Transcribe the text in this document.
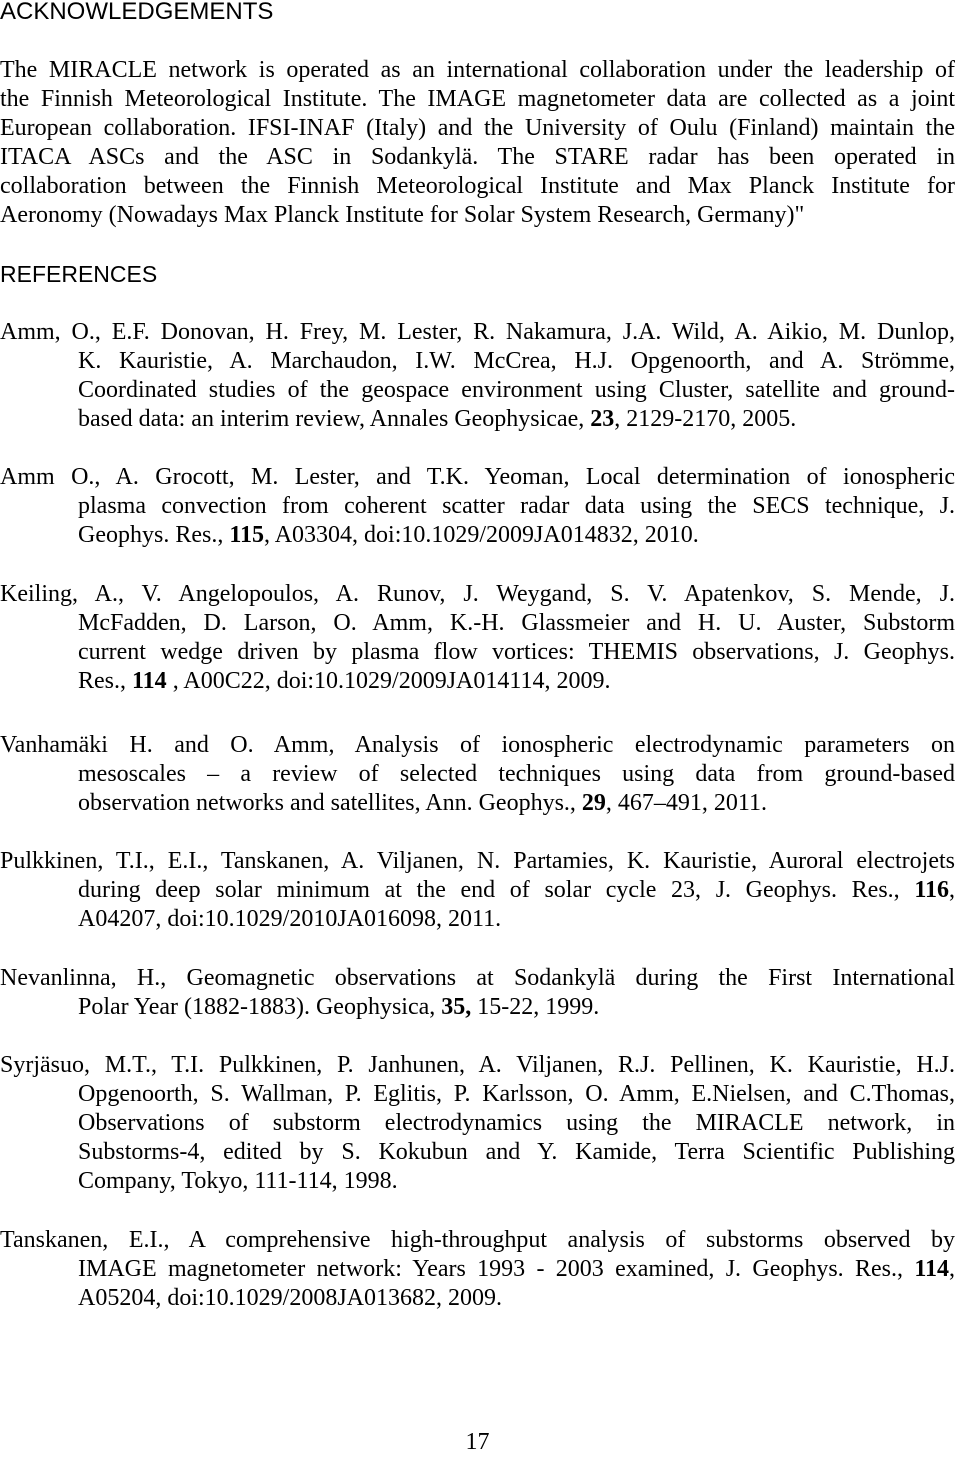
ACKNOWLEDGEMENTS
The MIRACLE network is operated as an international collaboration under the leadership of
the Finnish Meteorological Institute. The IMAGE magnetometer data are collected as a joint
European collaboration. IFSI-INAF (Italy) and the University of Oulu (Finland) maintain the
ITACA ASCs and the ASC in Sodankylä. The STARE radar has been operated in
collaboration between the Finnish Meteorological Institute and Max Planck Institute for
Aeronomy (Nowadays Max Planck Institute for Solar System Research, Germany)"
REFERENCES
Amm, O., E.F. Donovan, H. Frey, M. Lester, R. Nakamura, J.A. Wild, A. Aikio, M. Dunlop,
K. Kauristie, A. Marchaudon, I.W. McCrea, H.J. Opgenoorth, and A. Strömme,
Coordinated studies of the geospace environment using Cluster, satellite and ground-
based data: an interim review, Annales Geophysicae, 23, 2129-2170, 2005.
Amm O., A. Grocott, M. Lester, and T.K. Yeoman, Local determination of ionospheric
plasma convection from coherent scatter radar data using the SECS technique, J.
Geophys. Res., 115, A03304, doi:10.1029/2009JA014832, 2010.
Keiling, A., V. Angelopoulos, A. Runov, J. Weygand, S. V. Apatenkov, S. Mende, J.
McFadden, D. Larson, O. Amm, K.-H. Glassmeier and H. U. Auster, Substorm
current wedge driven by plasma flow vortices: THEMIS observations, J. Geophys.
Res., 114 , A00C22, doi:10.1029/2009JA014114, 2009.
Vanhamäki H. and O. Amm, Analysis of ionospheric electrodynamic parameters on
mesoscales – a review of selected techniques using data from ground-based
observation networks and satellites, Ann. Geophys., 29, 467–491, 2011.
Pulkkinen, T.I., E.I., Tanskanen, A. Viljanen, N. Partamies, K. Kauristie, Auroral electrojets
during deep solar minimum at the end of solar cycle 23, J. Geophys. Res., 116,
A04207, doi:10.1029/2010JA016098, 2011.
Nevanlinna, H., Geomagnetic observations at Sodankylä during the First International
Polar Year (1882-1883). Geophysica, 35, 15-22, 1999.
Syrjäsuo, M.T., T.I. Pulkkinen, P. Janhunen, A. Viljanen, R.J. Pellinen, K. Kauristie, H.J.
Opgenoorth, S. Wallman, P. Eglitis, P. Karlsson, O. Amm, E.Nielsen, and C.Thomas,
Observations of substorm electrodynamics using the MIRACLE network, in
Substorms-4, edited by S. Kokubun and Y. Kamide, Terra Scientific Publishing
Company, Tokyo, 111-114, 1998.
Tanskanen, E.I., A comprehensive high-throughput analysis of substorms observed by
IMAGE magnetometer network: Years 1993 - 2003 examined, J. Geophys. Res., 114,
A05204, doi:10.1029/2008JA013682, 2009.
17
